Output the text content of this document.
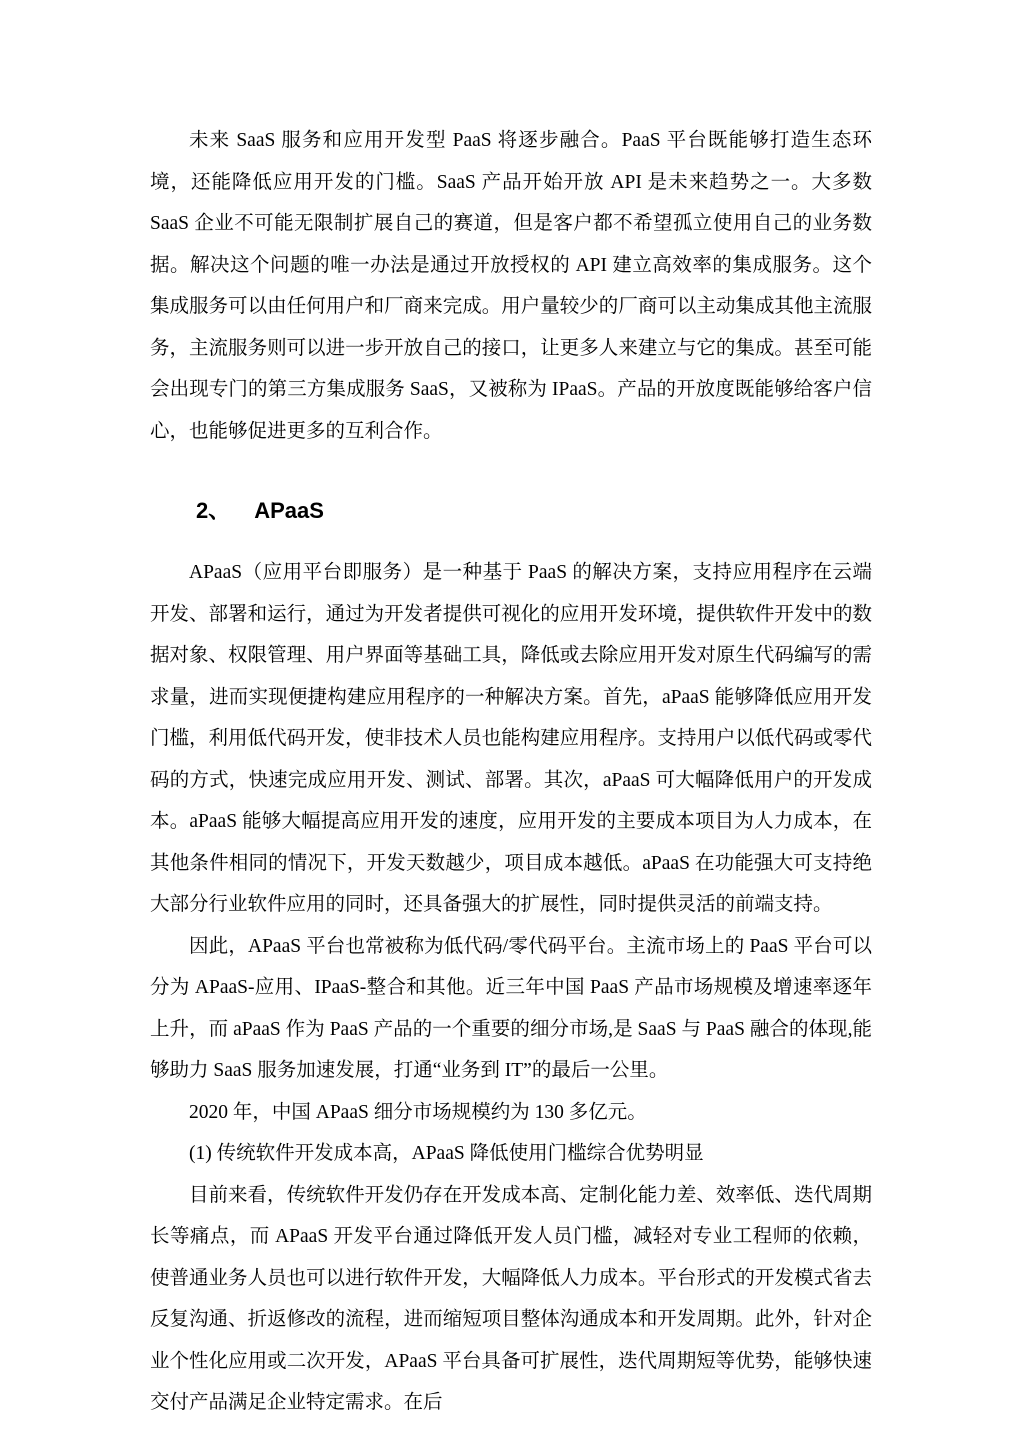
未来 SaaS 服务和应用开发型 PaaS 将逐步融合。PaaS 平台既能够打造生态环境，还能降低应用开发的门槛。SaaS 产品开始开放 API 是未来趋势之一。大多数 SaaS 企业不可能无限制扩展自己的赛道，但是客户都不希望孤立使用自己的业务数据。解决这个问题的唯一办法是通过开放授权的 API 建立高效率的集成服务。这个集成服务可以由任何用户和厂商来完成。用户量较少的厂商可以主动集成其他主流服务，主流服务则可以进一步开放自己的接口，让更多人来建立与它的集成。甚至可能会出现专门的第三方集成服务 SaaS，又被称为 IPaaS。产品的开放度既能够给客户信心，也能够促进更多的互利合作。

2、 APaaS

APaaS（应用平台即服务）是一种基于 PaaS 的解决方案，支持应用程序在云端开发、部署和运行，通过为开发者提供可视化的应用开发环境，提供软件开发中的数据对象、权限管理、用户界面等基础工具，降低或去除应用开发对原生代码编写的需求量，进而实现便捷构建应用程序的一种解决方案。首先，aPaaS 能够降低应用开发门槛，利用低代码开发，使非技术人员也能构建应用程序。支持用户以低代码或零代码的方式，快速完成应用开发、测试、部署。其次，aPaaS 可大幅降低用户的开发成本。aPaaS 能够大幅提高应用开发的速度，应用开发的主要成本项目为人力成本，在其他条件相同的情况下，开发天数越少，项目成本越低。aPaaS 在功能强大可支持绝大部分行业软件应用的同时，还具备强大的扩展性，同时提供灵活的前端支持。

因此，APaaS 平台也常被称为低代码/零代码平台。主流市场上的 PaaS 平台可以分为 APaaS-应用、IPaaS-整合和其他。近三年中国 PaaS 产品市场规模及增速率逐年上升，而 aPaaS 作为 PaaS 产品的一个重要的细分市场,是 SaaS 与 PaaS 融合的体现,能够助力 SaaS 服务加速发展，打通“业务到 IT”的最后一公里。

2020 年，中国 APaaS 细分市场规模约为 130 多亿元。

(1) 传统软件开发成本高，APaaS 降低使用门槛综合优势明显

目前来看，传统软件开发仍存在开发成本高、定制化能力差、效率低、迭代周期长等痛点，而 APaaS 开发平台通过降低开发人员门槛，减轻对专业工程师的依赖，使普通业务人员也可以进行软件开发，大幅降低人力成本。平台形式的开发模式省去反复沟通、折返修改的流程，进而缩短项目整体沟通成本和开发周期。此外，针对企业个性化应用或二次开发，APaaS 平台具备可扩展性，迭代周期短等优势，能够快速交付产品满足企业特定需求。在后
